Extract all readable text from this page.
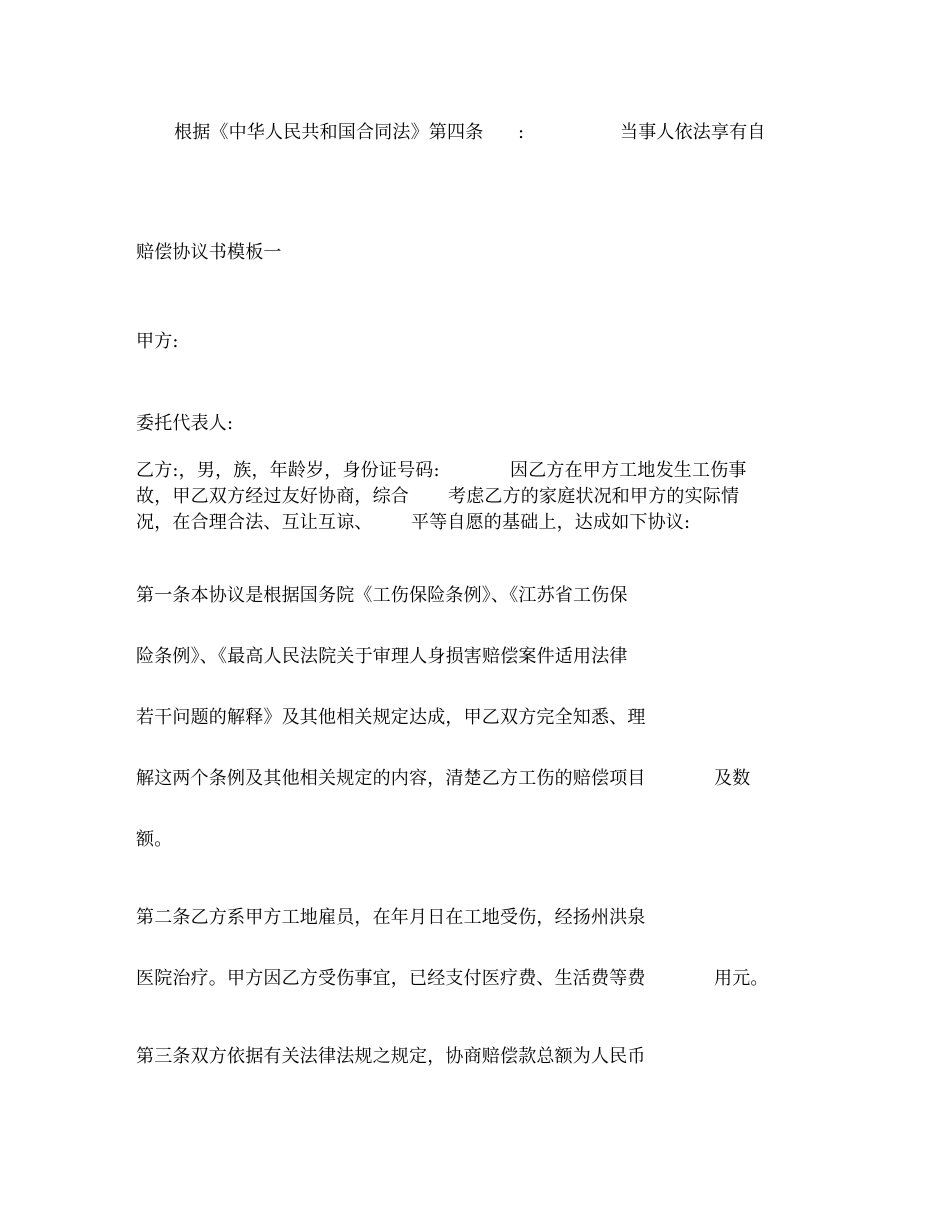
根据《中华人民共和国合同法》第四条 :	当事人依法享有自
赔偿协议书模板一
甲方:
委托代表人:
乙方:，男，族，年龄岁，身份证号码:	因乙方在甲方工地发生工伤事
故，甲乙双方经过友好协商，综合 考虑乙方的家庭状况和甲方的实际情
况，在合理合法、互让互谅、 平等自愿的基础上，达成如下协议:
第一条本协议是根据国务院《工伤保险条例》、《江苏省工伤保
险条例》、《最高人民法院关于审理人身损害赔偿案件适用法律
若干问题的解释》及其他相关规定达成，甲乙双方完全知悉、理
解这两个条例及其他相关规定的内容，清楚乙方工伤的赔偿项目	及数
额。
第二条乙方系甲方工地雇员，在年月日在工地受伤，经扬州洪泉
医院治疗。甲方因乙方受伤事宜，已经支付医疗费、生活费等费	用元。
第三条双方依据有关法律法规之规定，协商赔偿款总额为人民币
